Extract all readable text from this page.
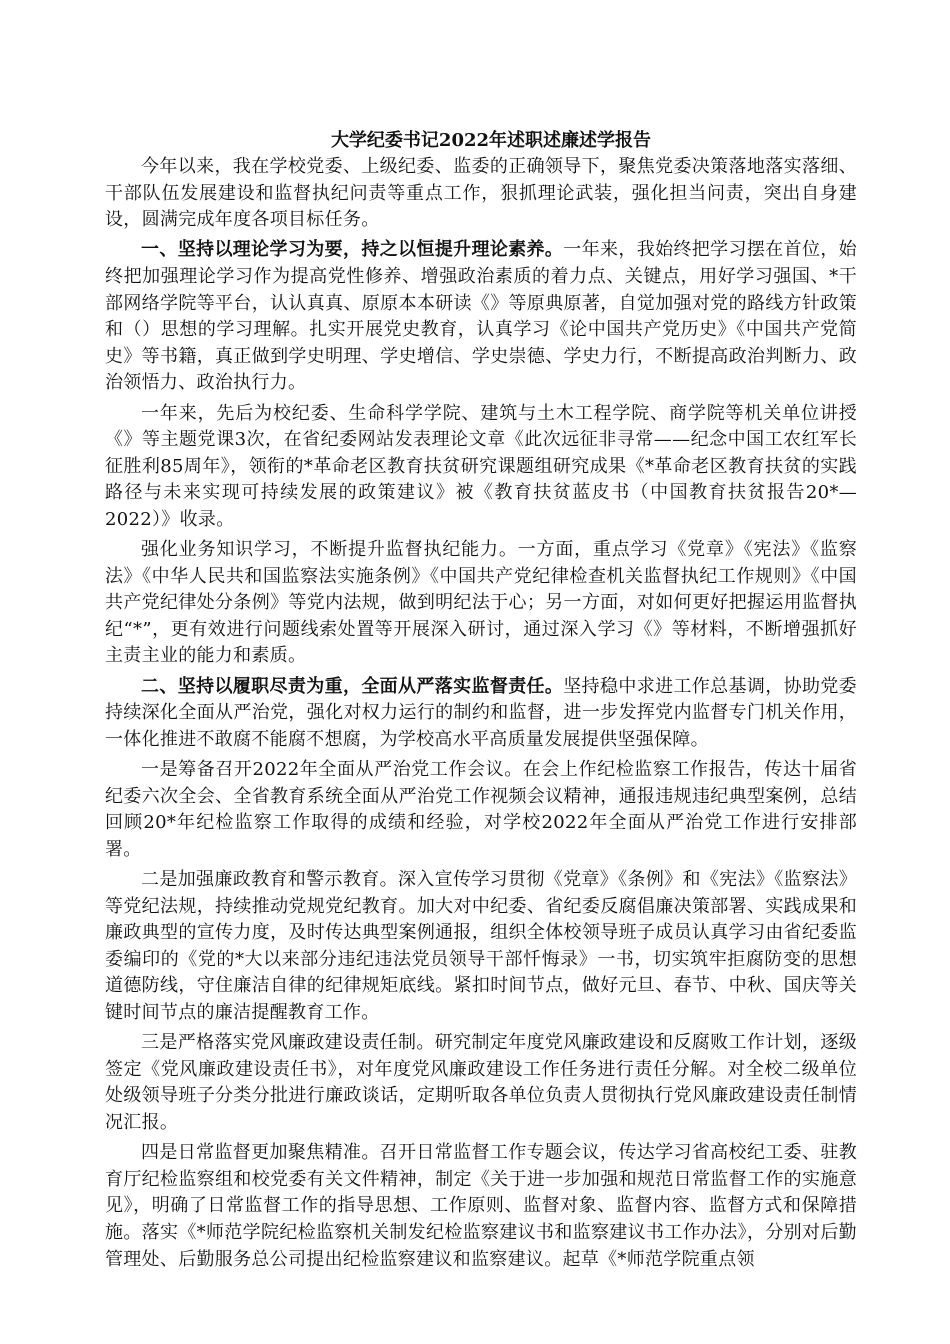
大学纪委书记2022年述职述廉述学报告

今年以来，我在学校党委、上级纪委、监委的正确领导下，聚焦党委决策落地落实落细、干部队伍发展建设和监督执纪问责等重点工作，狠抓理论武装，强化担当问责，突出自身建设，圆满完成年度各项目标任务。

一、坚持以理论学习为要，持之以恒提升理论素养。一年来，我始终把学习摆在首位，始终把加强理论学习作为提高党性修养、增强政治素质的着力点、关键点，用好学习强国、*干部网络学院等平台，认认真真、原原本本研读《》等原典原著，自觉加强对党的路线方针政策和（）思想的学习理解。扎实开展党史教育，认真学习《论中国共产党历史》《中国共产党简史》等书籍，真正做到学史明理、学史增信、学史崇德、学史力行，不断提高政治判断力、政治领悟力、政治执行力。

一年来，先后为校纪委、生命科学学院、建筑与土木工程学院、商学院等机关单位讲授《》等主题党课3次，在省纪委网站发表理论文章《此次远征非寻常——纪念中国工农红军长征胜利85周年》，领衔的*革命老区教育扶贫研究课题组研究成果《*革命老区教育扶贫的实践路径与未来实现可持续发展的政策建议》被《教育扶贫蓝皮书（中国教育扶贫报告20*—2022）》收录。

强化业务知识学习，不断提升监督执纪能力。一方面，重点学习《党章》《宪法》《监察法》《中华人民共和国监察法实施条例》《中国共产党纪律检查机关监督执纪工作规则》《中国共产党纪律处分条例》等党内法规，做到明纪法于心；另一方面，对如何更好把握运用监督执纪“*”，更有效进行问题线索处置等开展深入研讨，通过深入学习《》等材料，不断增强抓好主责主业的能力和素质。

二、坚持以履职尽责为重，全面从严落实监督责任。坚持稳中求进工作总基调，协助党委持续深化全面从严治党，强化对权力运行的制约和监督，进一步发挥党内监督专门机关作用，一体化推进不敢腐不能腐不想腐，为学校高水平高质量发展提供坚强保障。

一是筹备召开2022年全面从严治党工作会议。在会上作纪检监察工作报告，传达十届省纪委六次全会、全省教育系统全面从严治党工作视频会议精神，通报违规违纪典型案例，总结回顾20*年纪检监察工作取得的成绩和经验，对学校2022年全面从严治党工作进行安排部署。

二是加强廉政教育和警示教育。深入宣传学习贯彻《党章》《条例》和《宪法》《监察法》等党纪法规，持续推动党规党纪教育。加大对中纪委、省纪委反腐倡廉决策部署、实践成果和廉政典型的宣传力度，及时传达典型案例通报，组织全体校领导班子成员认真学习由省纪委监委编印的《党的*大以来部分违纪违法党员领导干部忏悔录》一书，切实筑牢拒腐防变的思想道德防线，守住廉洁自律的纪律规矩底线。紧扣时间节点，做好元旦、春节、中秋、国庆等关键时间节点的廉洁提醒教育工作。

三是严格落实党风廉政建设责任制。研究制定年度党风廉政建设和反腐败工作计划，逐级签定《党风廉政建设责任书》，对年度党风廉政建设工作任务进行责任分解。对全校二级单位处级领导班子分类分批进行廉政谈话，定期听取各单位负责人贯彻执行党风廉政建设责任制情况汇报。

四是日常监督更加聚焦精准。召开日常监督工作专题会议，传达学习省高校纪工委、驻教育厅纪检监察组和校党委有关文件精神，制定《关于进一步加强和规范日常监督工作的实施意见》，明确了日常监督工作的指导思想、工作原则、监督对象、监督内容、监督方式和保障措施。落实《*师范学院纪检监察机关制发纪检监察建议书和监察建议书工作办法》，分别对后勤管理处、后勤服务总公司提出纪检监察建议和监察建议。起草《*师范学院重点领
